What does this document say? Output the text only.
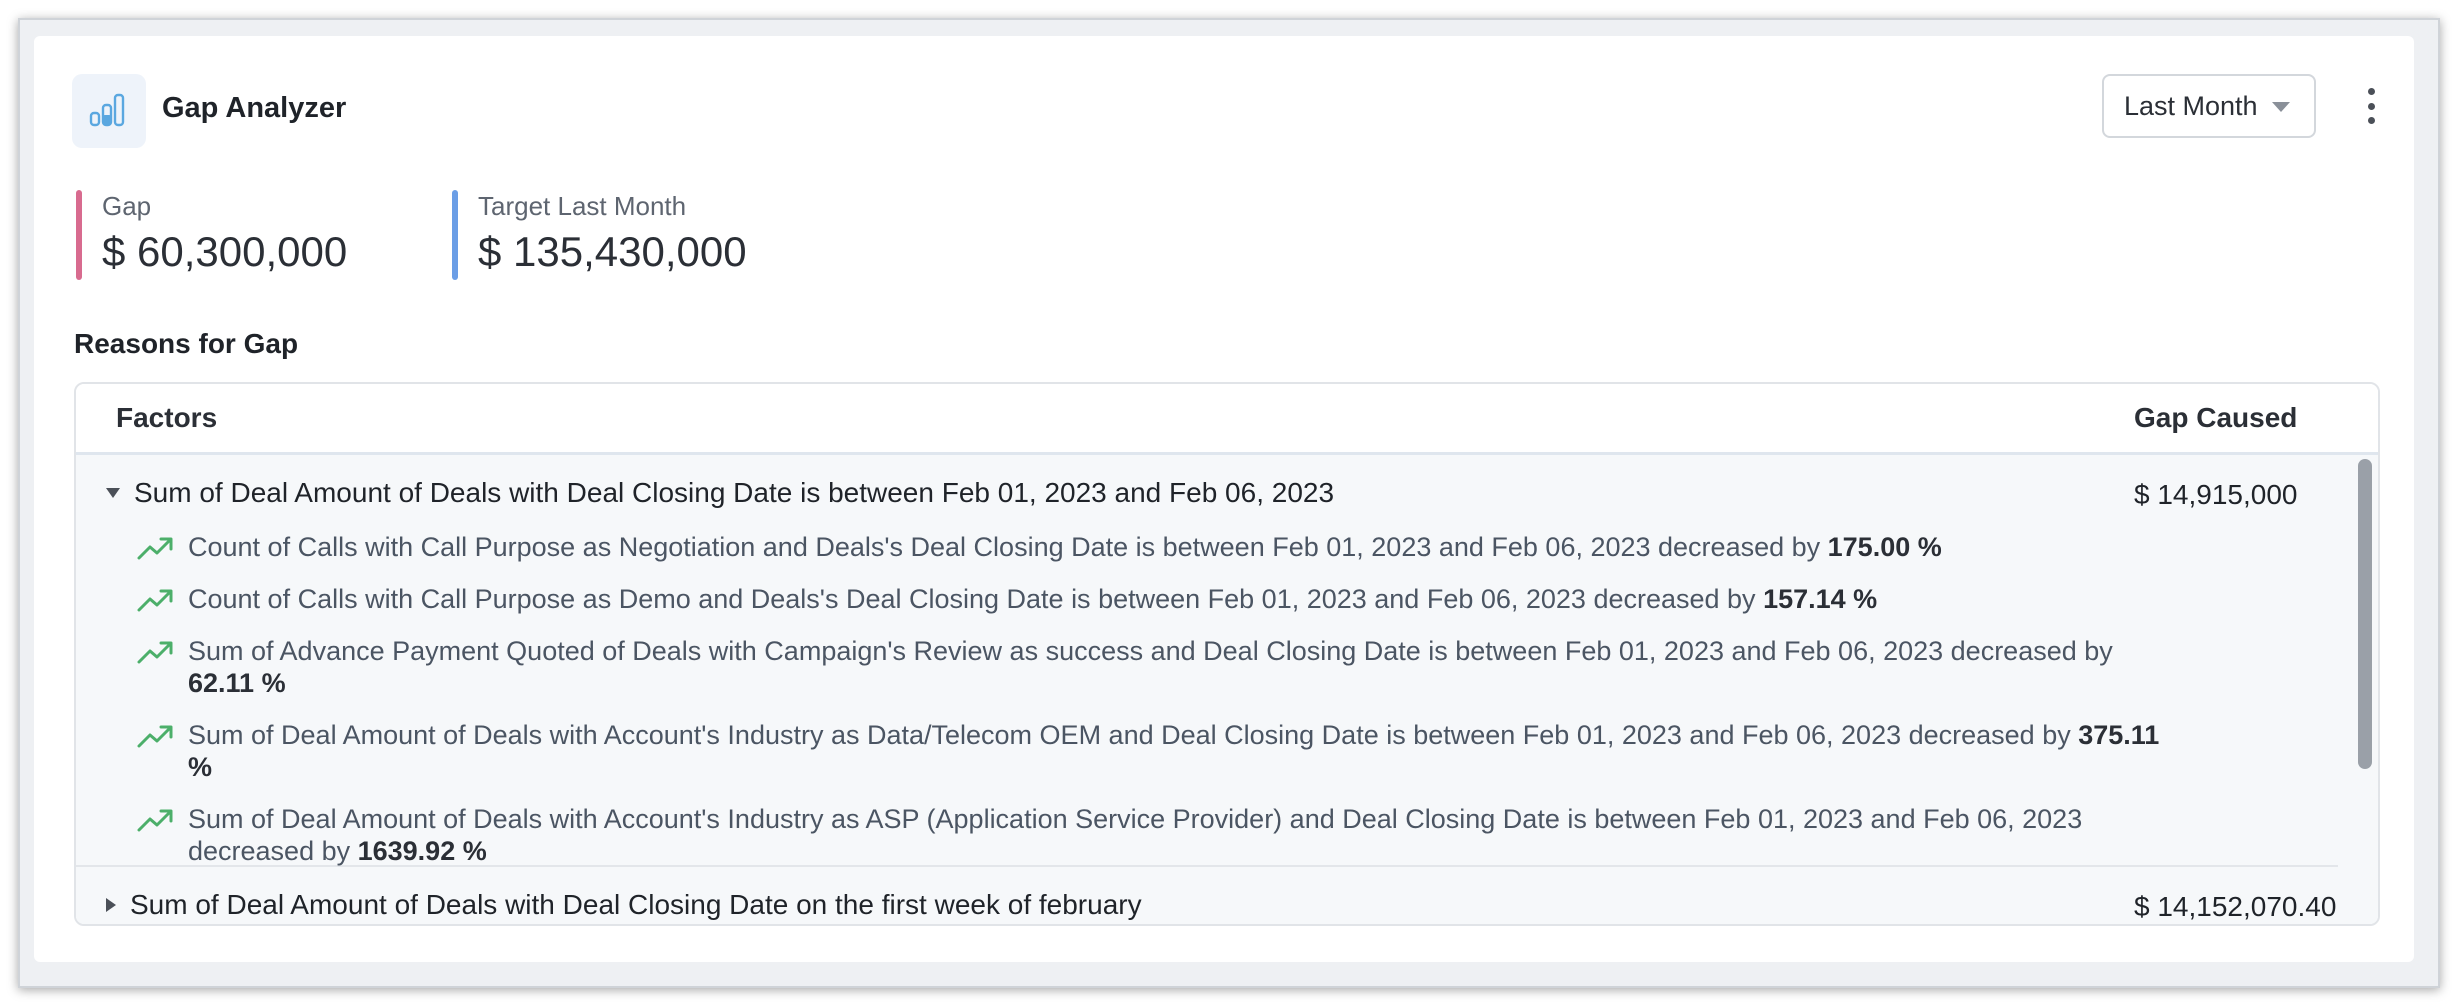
Gap Analyzer	Last Month
Gap
$ 60,300,000
Target Last Month
$ 135,430,000
Reasons for Gap
Factors	Gap Caused
Sum of Deal Amount of Deals with Deal Closing Date is between Feb 01, 2023 and Feb 06, 2023	$ 14,915,000
Count of Calls with Call Purpose as Negotiation and Deals's Deal Closing Date is between Feb 01, 2023 and Feb 06, 2023 decreased by 175.00 %
Count of Calls with Call Purpose as Demo and Deals's Deal Closing Date is between Feb 01, 2023 and Feb 06, 2023 decreased by 157.14 %
Sum of Advance Payment Quoted of Deals with Campaign's Review as success and Deal Closing Date is between Feb 01, 2023 and Feb 06, 2023 decreased by 62.11 %
Sum of Deal Amount of Deals with Account's Industry as Data/Telecom OEM and Deal Closing Date is between Feb 01, 2023 and Feb 06, 2023 decreased by 375.11 %
Sum of Deal Amount of Deals with Account's Industry as ASP (Application Service Provider) and Deal Closing Date is between Feb 01, 2023 and Feb 06, 2023 decreased by 1639.92 %
Sum of Deal Amount of Deals with Deal Closing Date on the first week of february	$ 14,152,070.40
